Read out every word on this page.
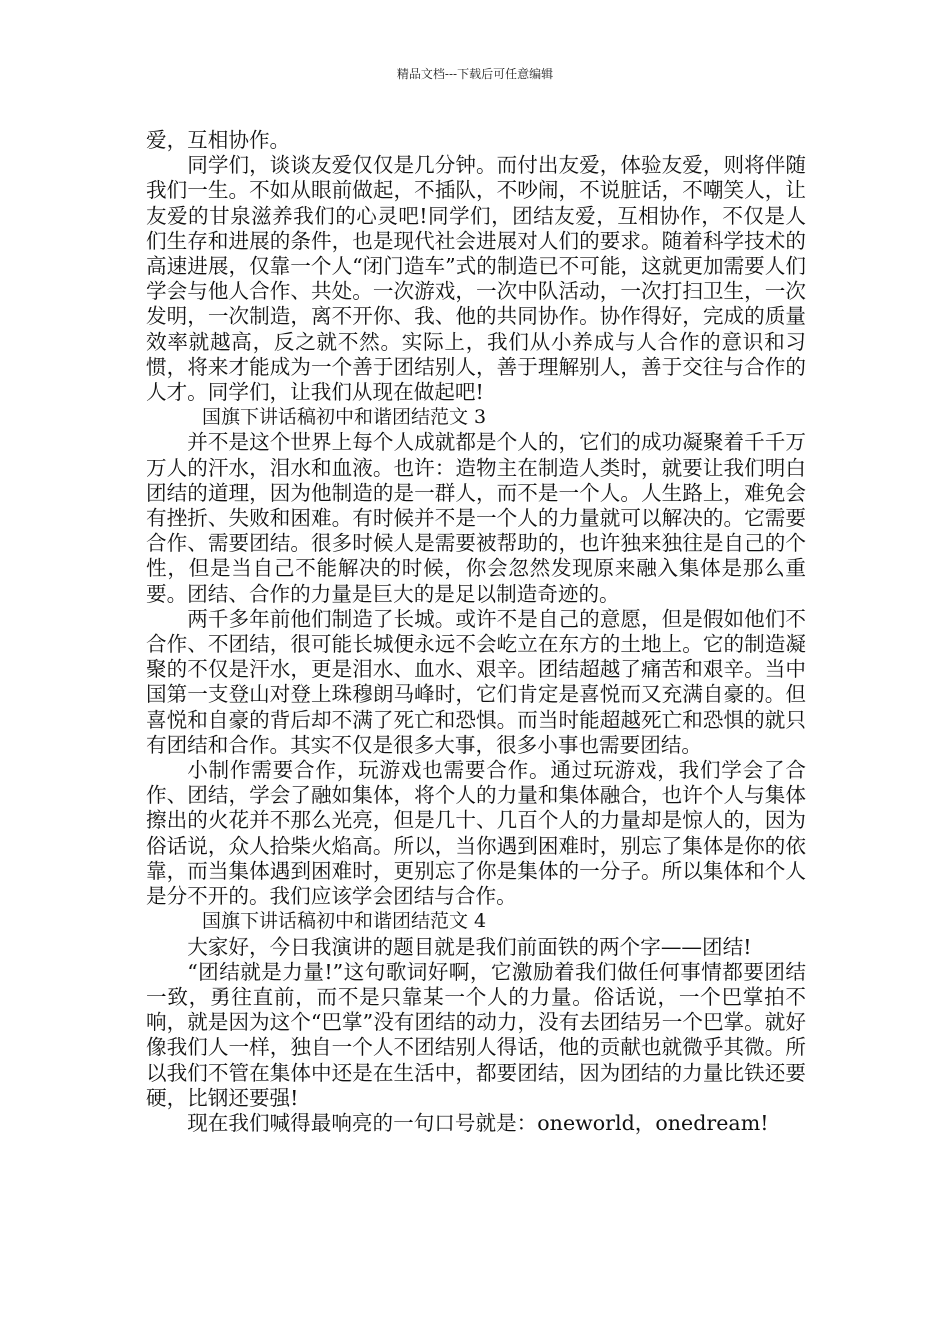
精品文档---下载后可任意编辑

爱，互相协作。

同学们，谈谈友爱仅仅是几分钟。而付出友爱，体验友爱，则将伴随我们一生。不如从眼前做起，不插队，不吵闹，不说脏话，不嘲笑人，让友爱的甘泉滋养我们的心灵吧!同学们，团结友爱，互相协作，不仅是人们生存和进展的条件，也是现代社会进展对人们的要求。随着科学技术的高速进展，仅靠一个人“闭门造车”式的制造已不可能，这就更加需要人们学会与他人合作、共处。一次游戏，一次中队活动，一次打扫卫生，一次发明，一次制造，离不开你、我、他的共同协作。协作得好，完成的质量效率就越高，反之就不然。实际上，我们从小养成与人合作的意识和习惯，将来才能成为一个善于团结别人，善于理解别人，善于交往与合作的人才。同学们，让我们从现在做起吧!

国旗下讲话稿初中和谐团结范文 3

并不是这个世界上每个人成就都是个人的，它们的成功凝聚着千千万万人的汗水，泪水和血液。也许：造物主在制造人类时，就要让我们明白团结的道理，因为他制造的是一群人，而不是一个人。人生路上，难免会有挫折、失败和困难。有时候并不是一个人的力量就可以解决的。它需要合作、需要团结。很多时候人是需要被帮助的，也许独来独往是自己的个性，但是当自己不能解决的时候，你会忽然发现原来融入集体是那么重要。团结、合作的力量是巨大的是足以制造奇迹的。

两千多年前他们制造了长城。或许不是自己的意愿，但是假如他们不合作、不团结，很可能长城便永远不会屹立在东方的土地上。它的制造凝聚的不仅是汗水，更是泪水、血水、艰辛。团结超越了痛苦和艰辛。当中国第一支登山对登上珠穆朗马峰时，它们肯定是喜悦而又充满自豪的。但喜悦和自豪的背后却不满了死亡和恐惧。而当时能超越死亡和恐惧的就只有团结和合作。其实不仅是很多大事，很多小事也需要团结。

小制作需要合作，玩游戏也需要合作。通过玩游戏，我们学会了合作、团结，学会了融如集体，将个人的力量和集体融合，也许个人与集体擦出的火花并不那么光亮，但是几十、几百个人的力量却是惊人的，因为俗话说，众人拾柴火焰高。所以，当你遇到困难时，别忘了集体是你的依靠，而当集体遇到困难时，更别忘了你是集体的一分子。所以集体和个人是分不开的。我们应该学会团结与合作。

国旗下讲话稿初中和谐团结范文 4

大家好，今日我演讲的题目就是我们前面铁的两个字——团结!

“团结就是力量!”这句歌词好啊，它激励着我们做任何事情都要团结一致，勇往直前，而不是只靠某一个人的力量。俗话说，一个巴掌拍不响，就是因为这个“巴掌”没有团结的动力，没有去团结另一个巴掌。就好像我们人一样，独自一个人不团结别人得话，他的贡献也就微乎其微。所以我们不管在集体中还是在生活中，都要团结，因为团结的力量比铁还要硬，比钢还要强!

现在我们喊得最响亮的一句口号就是：oneworld，onedream!
